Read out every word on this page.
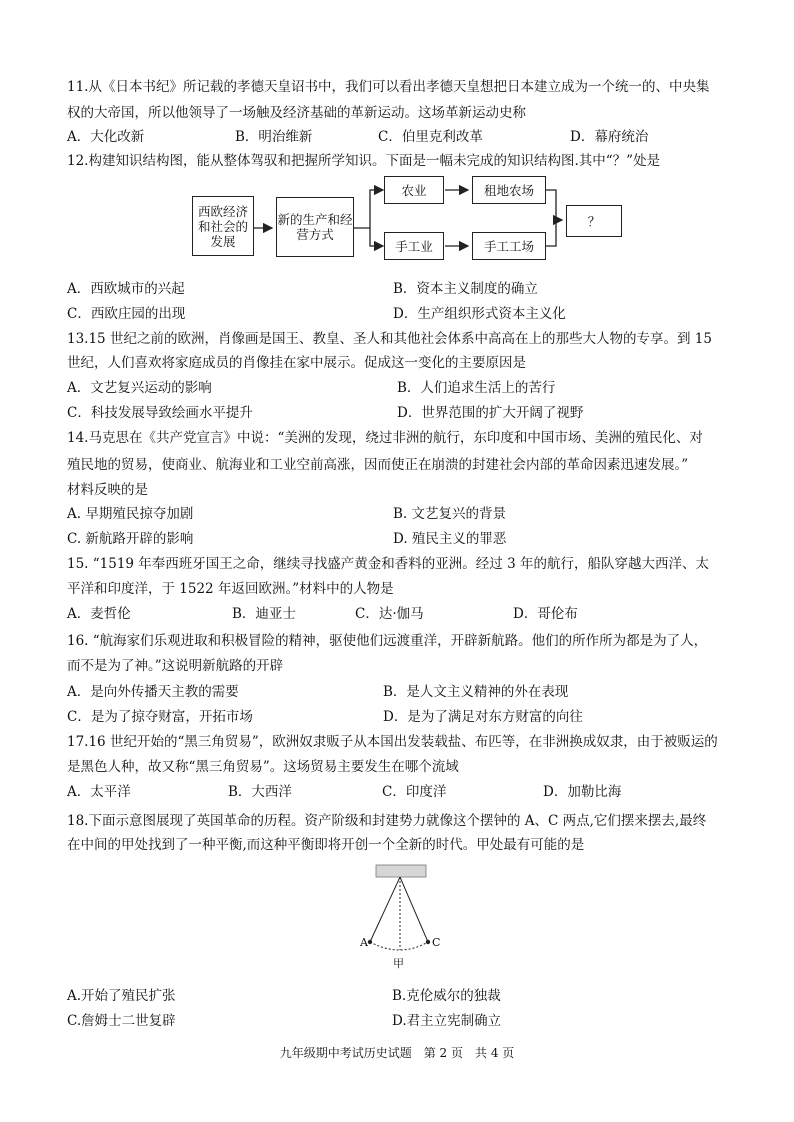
11.从《日本书纪》所记载的孝德天皇诏书中，我们可以看出孝德天皇想把日本建立成为一个统一的、中央集
权的大帝国，所以他领导了一场触及经济基础的革新运动。这场革新运动史称
A．大化改新	B．明治维新	C．伯里克利改革	D．幕府统治
12.构建知识结构图，能从整体驾驭和把握所学知识。下面是一幅未完成的知识结构图.其中“？”处是
西欧经济和社会的发展
新的生产和经营方式
农业	租地农场
手工业	手工工场
？
A．西欧城市的兴起	B．资本主义制度的确立
C．西欧庄园的出现	D．生产组织形式资本主义化
13.15 世纪之前的欧洲，肖像画是国王、教皇、圣人和其他社会体系中高高在上的那些大人物的专享。到 15
世纪，人们喜欢将家庭成员的肖像挂在家中展示。促成这一变化的主要原因是
A．文艺复兴运动的影响	B．人们追求生活上的苦行
C．科技发展导致绘画水平提升	D．世界范围的扩大开阔了视野
14.马克思在《共产党宣言》中说：“美洲的发现，绕过非洲的航行，东印度和中国市场、美洲的殖民化、对
殖民地的贸易，使商业、航海业和工业空前高涨，因而使正在崩溃的封建社会内部的革命因素迅速发展。”
材料反映的是
A. 早期殖民掠夺加剧	B. 文艺复兴的背景
C. 新航路开辟的影响	D. 殖民主义的罪恶
15. “1519 年奉西班牙国王之命，继续寻找盛产黄金和香料的亚洲。经过 3 年的航行，船队穿越大西洋、太
平洋和印度洋，于 1522 年返回欧洲。”材料中的人物是
A．麦哲伦	B．迪亚士	C．达·伽马	D．哥伦布
16. “航海家们乐观进取和积极冒险的精神，驱使他们远渡重洋，开辟新航路。他们的所作所为都是为了人，
而不是为了神。”这说明新航路的开辟
A．是向外传播天主教的需要	B．是人文主义精神的外在表现
C．是为了掠夺财富，开拓市场	D．是为了满足对东方财富的向往
17.16 世纪开始的“黑三角贸易”，欧洲奴隶贩子从本国出发装载盐、布匹等，在非洲换成奴隶，由于被贩运的
是黑色人种，故又称“黑三角贸易”。这场贸易主要发生在哪个流域
A．太平洋	B．大西洋	C．印度洋	D．加勒比海
18.下面示意图展现了英国革命的历程。资产阶级和封建势力就像这个摆钟的 A、C 两点,它们摆来摆去,最终
在中间的甲处找到了一种平衡,而这种平衡即将开创一个全新的时代。甲处最有可能的是
A	C
甲
A.开始了殖民扩张	B.克伦威尔的独裁
C.詹姆士二世复辟	D.君主立宪制确立
九年级期中考试历史试题　第 2 页　共 4 页
